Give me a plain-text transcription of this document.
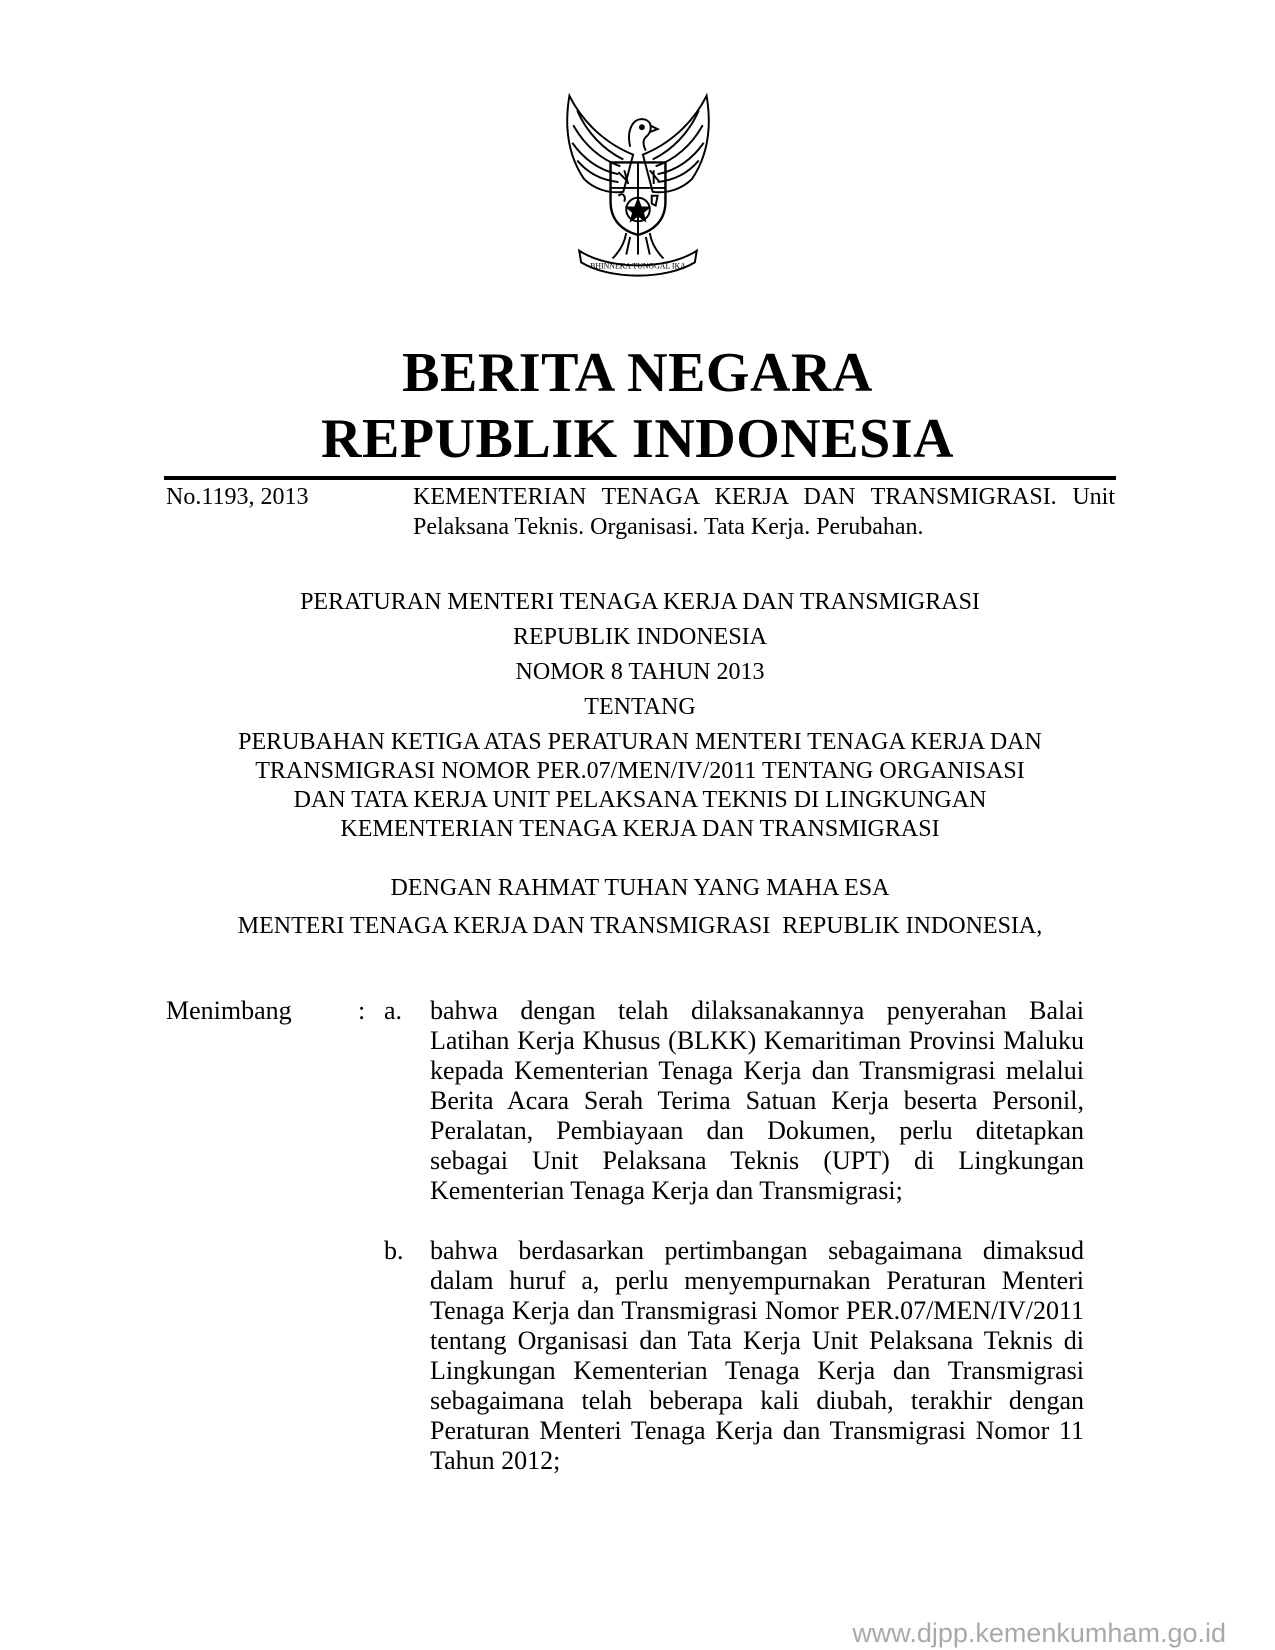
BHINNEKA TUNGGAL IKA
BERITA NEGARA
REPUBLIK INDONESIA
No.1193, 2013	KEMENTERIAN TENAGA KERJA DAN TRANSMIGRASI. Unit Pelaksana Teknis. Organisasi. Tata Kerja. Perubahan.
PERATURAN MENTERI TENAGA KERJA DAN TRANSMIGRASI
REPUBLIK INDONESIA
NOMOR 8 TAHUN 2013
TENTANG
PERUBAHAN KETIGA ATAS PERATURAN MENTERI TENAGA KERJA DAN
TRANSMIGRASI NOMOR PER.07/MEN/IV/2011 TENTANG ORGANISASI
DAN TATA KERJA UNIT PELAKSANA TEKNIS DI LINGKUNGAN
KEMENTERIAN TENAGA KERJA DAN TRANSMIGRASI
DENGAN RAHMAT TUHAN YANG MAHA ESA
MENTERI TENAGA KERJA DAN TRANSMIGRASI  REPUBLIK INDONESIA,
Menimbang	: a. bahwa dengan telah dilaksanakannya penyerahan Balai Latihan Kerja Khusus (BLKK) Kemaritiman Provinsi Maluku kepada Kementerian Tenaga Kerja dan Transmigrasi melalui Berita Acara Serah Terima Satuan Kerja beserta Personil, Peralatan, Pembiayaan dan Dokumen, perlu ditetapkan sebagai Unit Pelaksana Teknis (UPT) di Lingkungan Kementerian Tenaga Kerja dan Transmigrasi;
b. bahwa berdasarkan pertimbangan sebagaimana dimaksud dalam huruf a, perlu menyempurnakan Peraturan Menteri Tenaga Kerja dan Transmigrasi Nomor PER.07/MEN/IV/2011 tentang Organisasi dan Tata Kerja Unit Pelaksana Teknis di Lingkungan Kementerian Tenaga Kerja dan Transmigrasi sebagaimana telah beberapa kali diubah, terakhir dengan Peraturan Menteri Tenaga Kerja dan Transmigrasi Nomor 11 Tahun 2012;
www.djpp.kemenkumham.go.id
